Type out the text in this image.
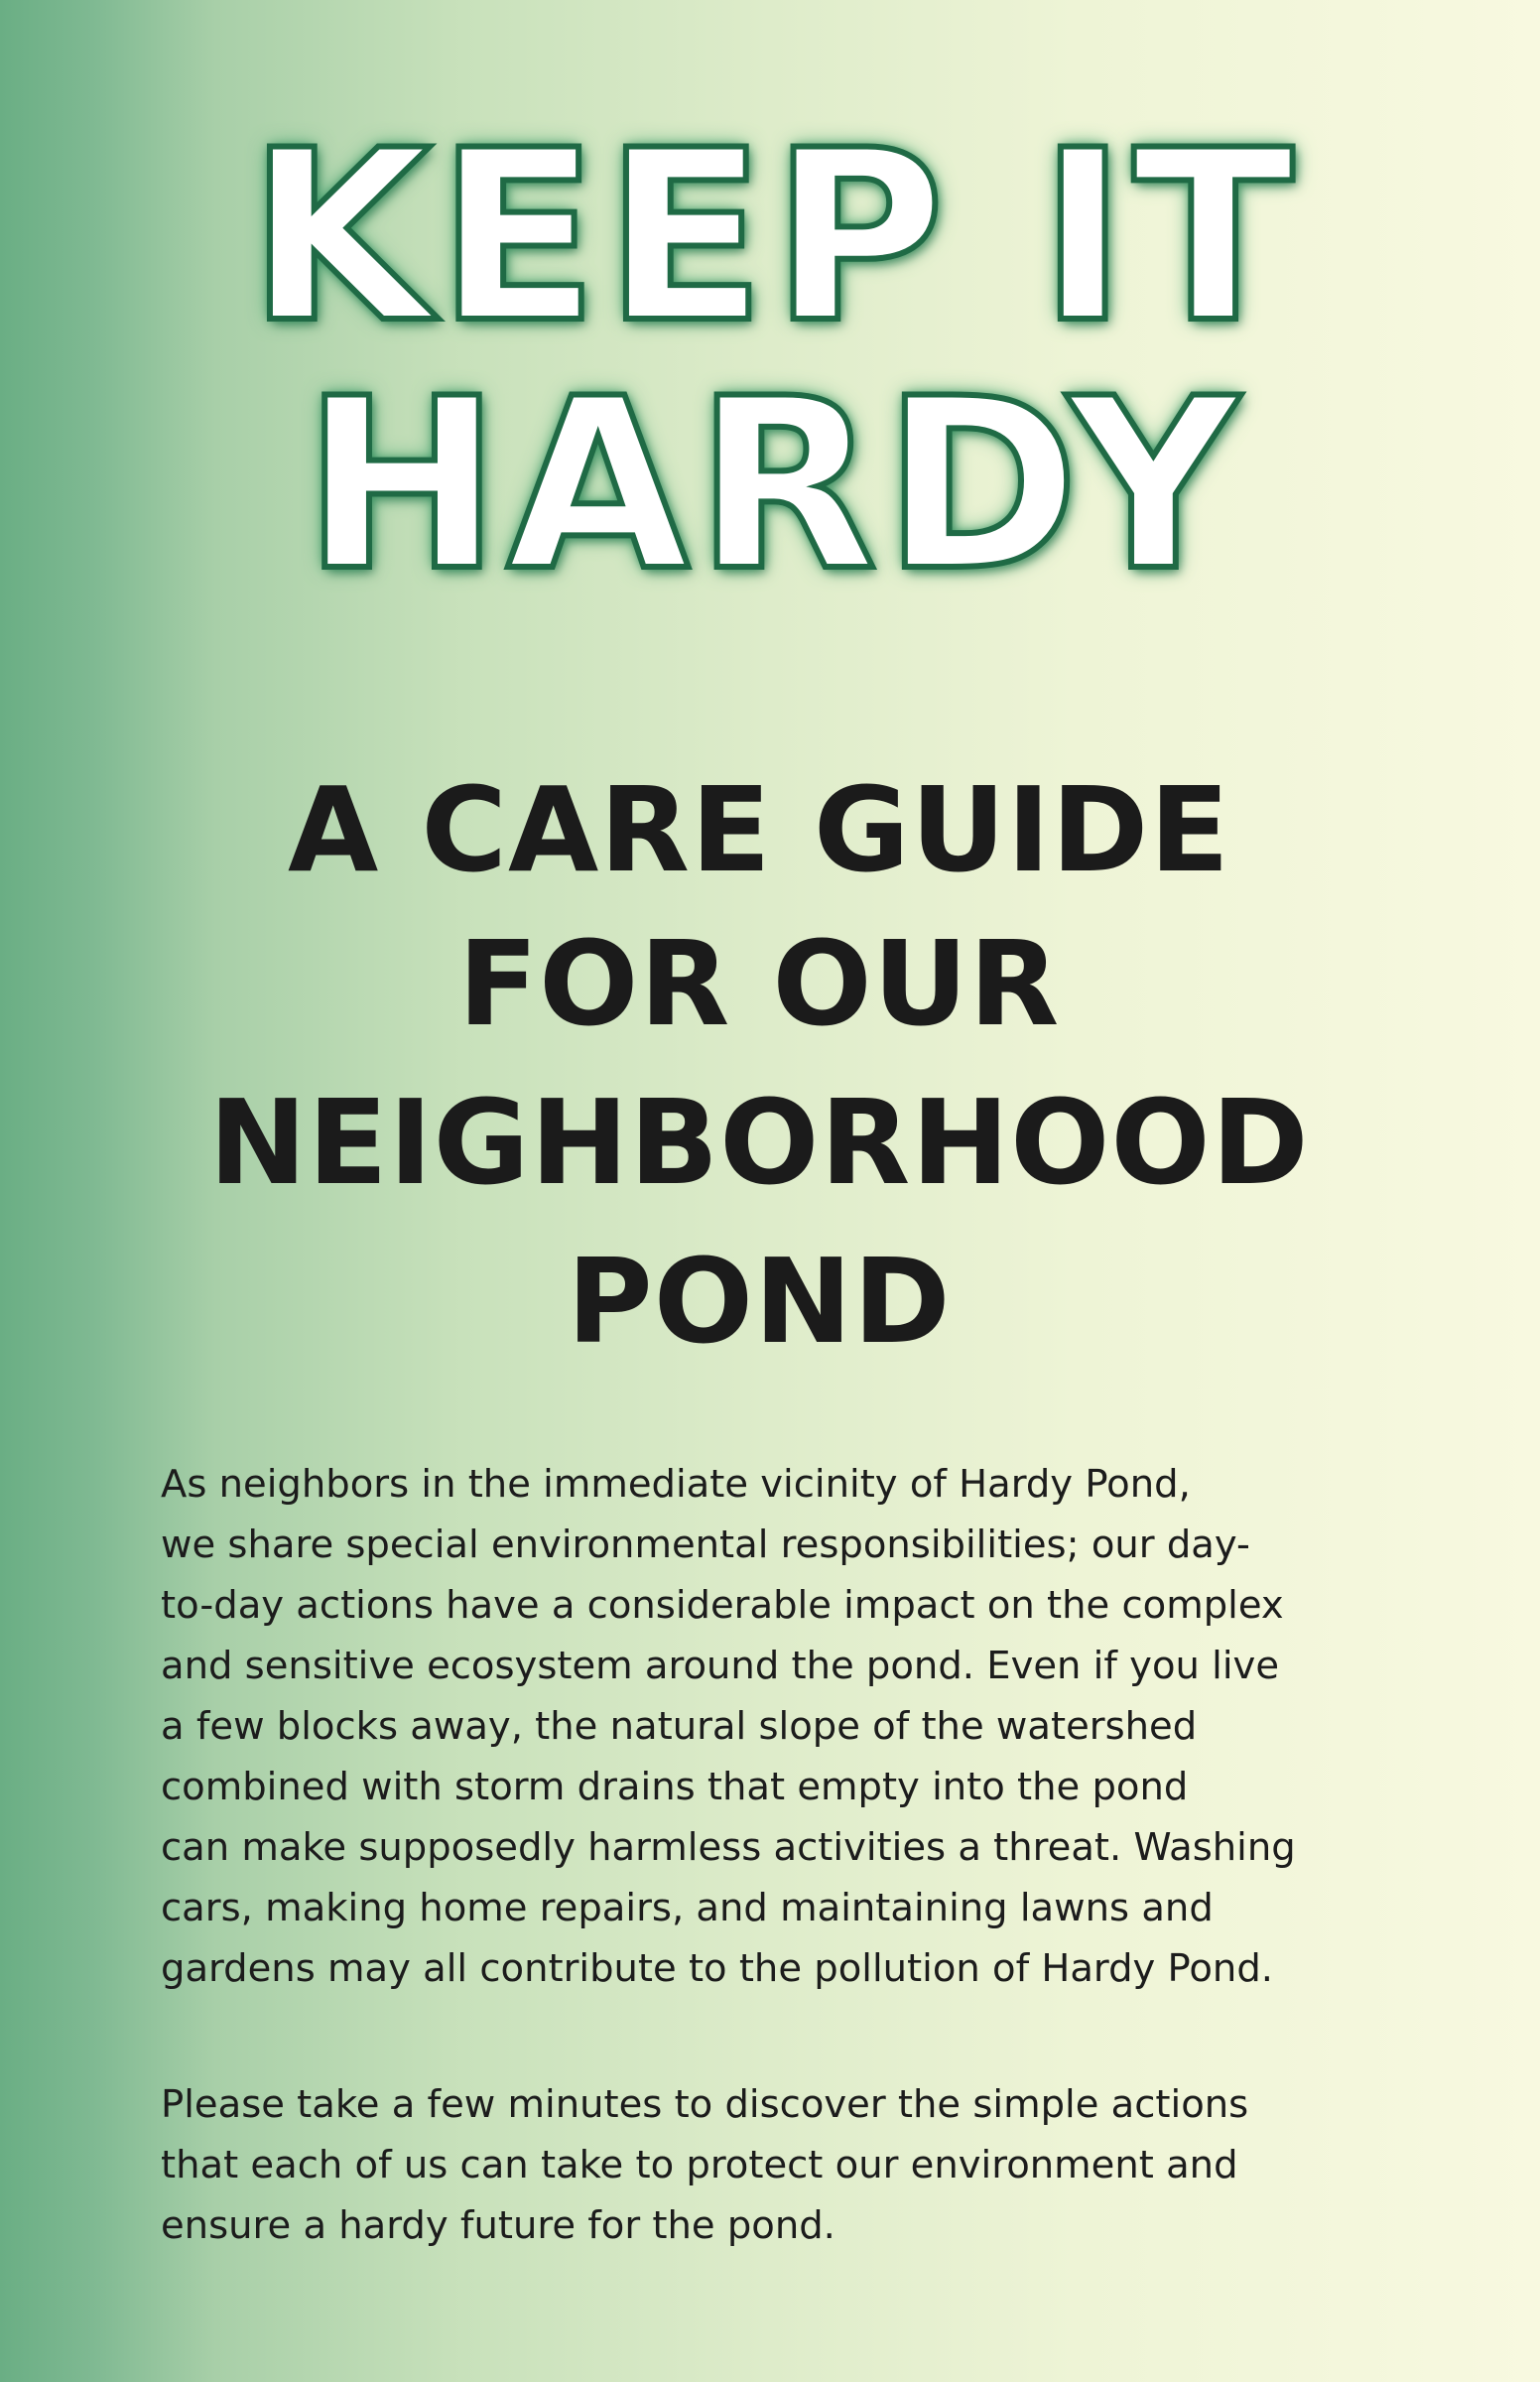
KEEP IT
HARDY
A CARE GUIDE
FOR OUR
NEIGHBORHOOD
POND

As neighbors in the immediate vicinity of Hardy Pond,
we share special environmental responsibilities; our day-
to-day actions have a considerable impact on the complex
and sensitive ecosystem around the pond. Even if you live
a few blocks away, the natural slope of the watershed
combined with storm drains that empty into the pond
can make supposedly harmless activities a threat. Washing
cars, making home repairs, and maintaining lawns and
gardens may all contribute to the pollution of Hardy Pond.

Please take a few minutes to discover the simple actions
that each of us can take to protect our environment and
ensure a hardy future for the pond.
